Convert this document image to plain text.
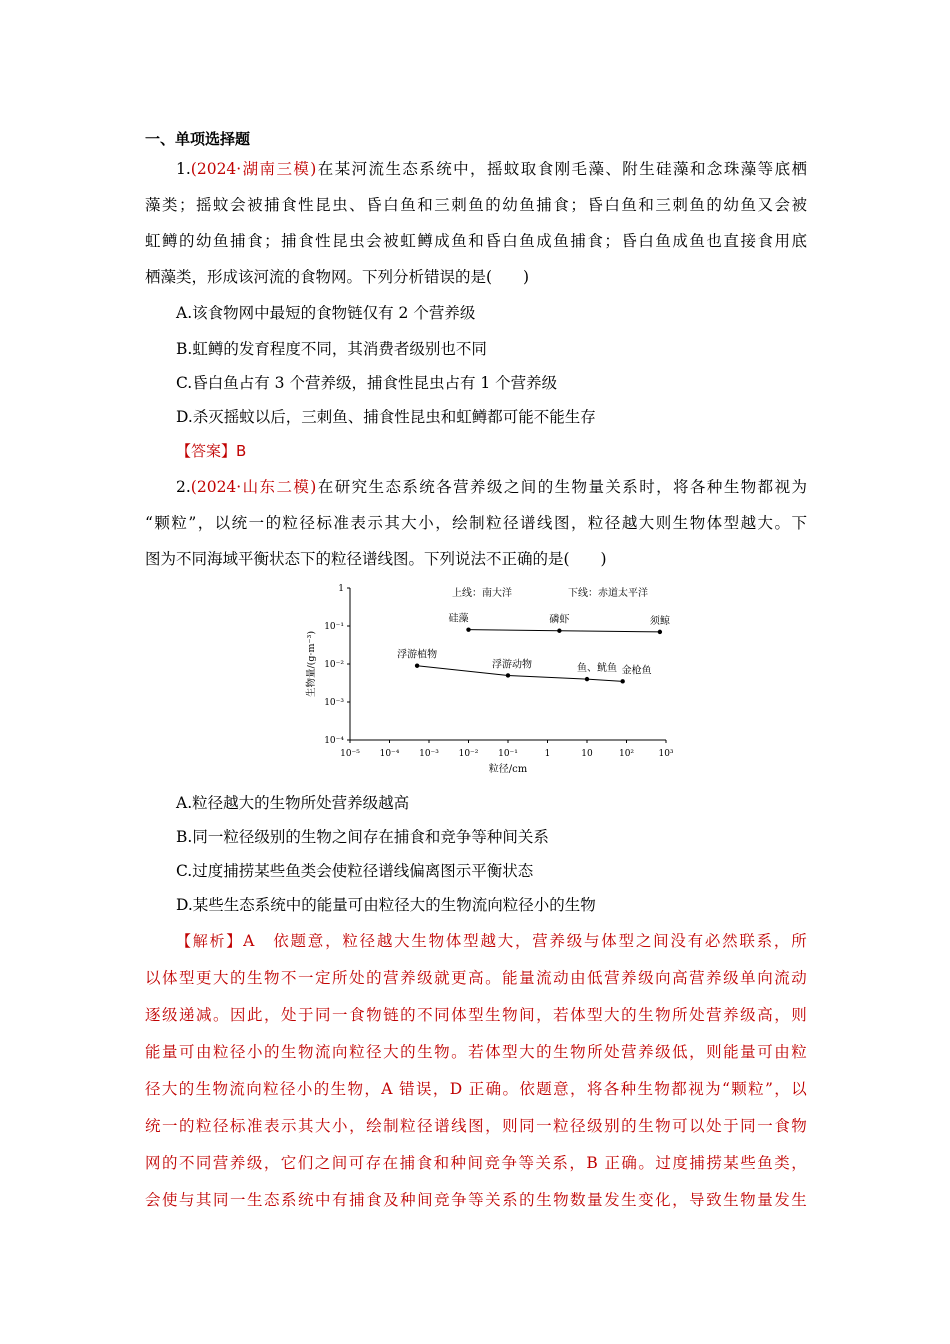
一、单项选择题
1.(2024·湖南三模)在某河流生态系统中，摇蚊取食刚毛藻、附生硅藻和念珠藻等底栖
藻类；摇蚊会被捕食性昆虫、昏白鱼和三刺鱼的幼鱼捕食；昏白鱼和三刺鱼的幼鱼又会被
虹鳟的幼鱼捕食；捕食性昆虫会被虹鳟成鱼和昏白鱼成鱼捕食；昏白鱼成鱼也直接食用底
栖藻类，形成该河流的食物网。下列分析错误的是(　　)
A.该食物网中最短的食物链仅有 2 个营养级
B.虹鳟的发育程度不同，其消费者级别也不同
C.昏白鱼占有 3 个营养级，捕食性昆虫占有 1 个营养级
D.杀灭摇蚊以后，三刺鱼、捕食性昆虫和虹鳟都可能不能生存
【答案】B
2.(2024·山东二模)在研究生态系统各营养级之间的生物量关系时，将各种生物都视为
“颗粒”，以统一的粒径标准表示其大小，绘制粒径谱线图，粒径越大则生物体型越大。下
图为不同海域平衡状态下的粒径谱线图。下列说法不正确的是(　　)
10⁻⁵ 10⁻⁴ 10⁻³ 10⁻² 10⁻¹	1	10	10²	10³
1
10⁻¹
10⁻²
10⁻³
10⁻⁴
粒径/cm
生物量/(g·m⁻³)
上线：南大洋	下线：赤道太平洋
硅藻	磷虾	须鲸
浮游植物
浮游动物	鱼、鱿鱼 金枪鱼
A.粒径越大的生物所处营养级越高
B.同一粒径级别的生物之间存在捕食和竞争等种间关系
C.过度捕捞某些鱼类会使粒径谱线偏离图示平衡状态
D.某些生态系统中的能量可由粒径大的生物流向粒径小的生物
【解析】A　依题意，粒径越大生物体型越大，营养级与体型之间没有必然联系，所
以体型更大的生物不一定所处的营养级就更高。能量流动由低营养级向高营养级单向流动
逐级递减。因此，处于同一食物链的不同体型生物间，若体型大的生物所处营养级高，则
能量可由粒径小的生物流向粒径大的生物。若体型大的生物所处营养级低，则能量可由粒
径大的生物流向粒径小的生物，A 错误，D 正确。依题意，将各种生物都视为“颗粒”，以
统一的粒径标准表示其大小，绘制粒径谱线图，则同一粒径级别的生物可以处于同一食物
网的不同营养级，它们之间可存在捕食和种间竞争等关系，B 正确。过度捕捞某些鱼类，
会使与其同一生态系统中有捕食及种间竞争等关系的生物数量发生变化，导致生物量发生
